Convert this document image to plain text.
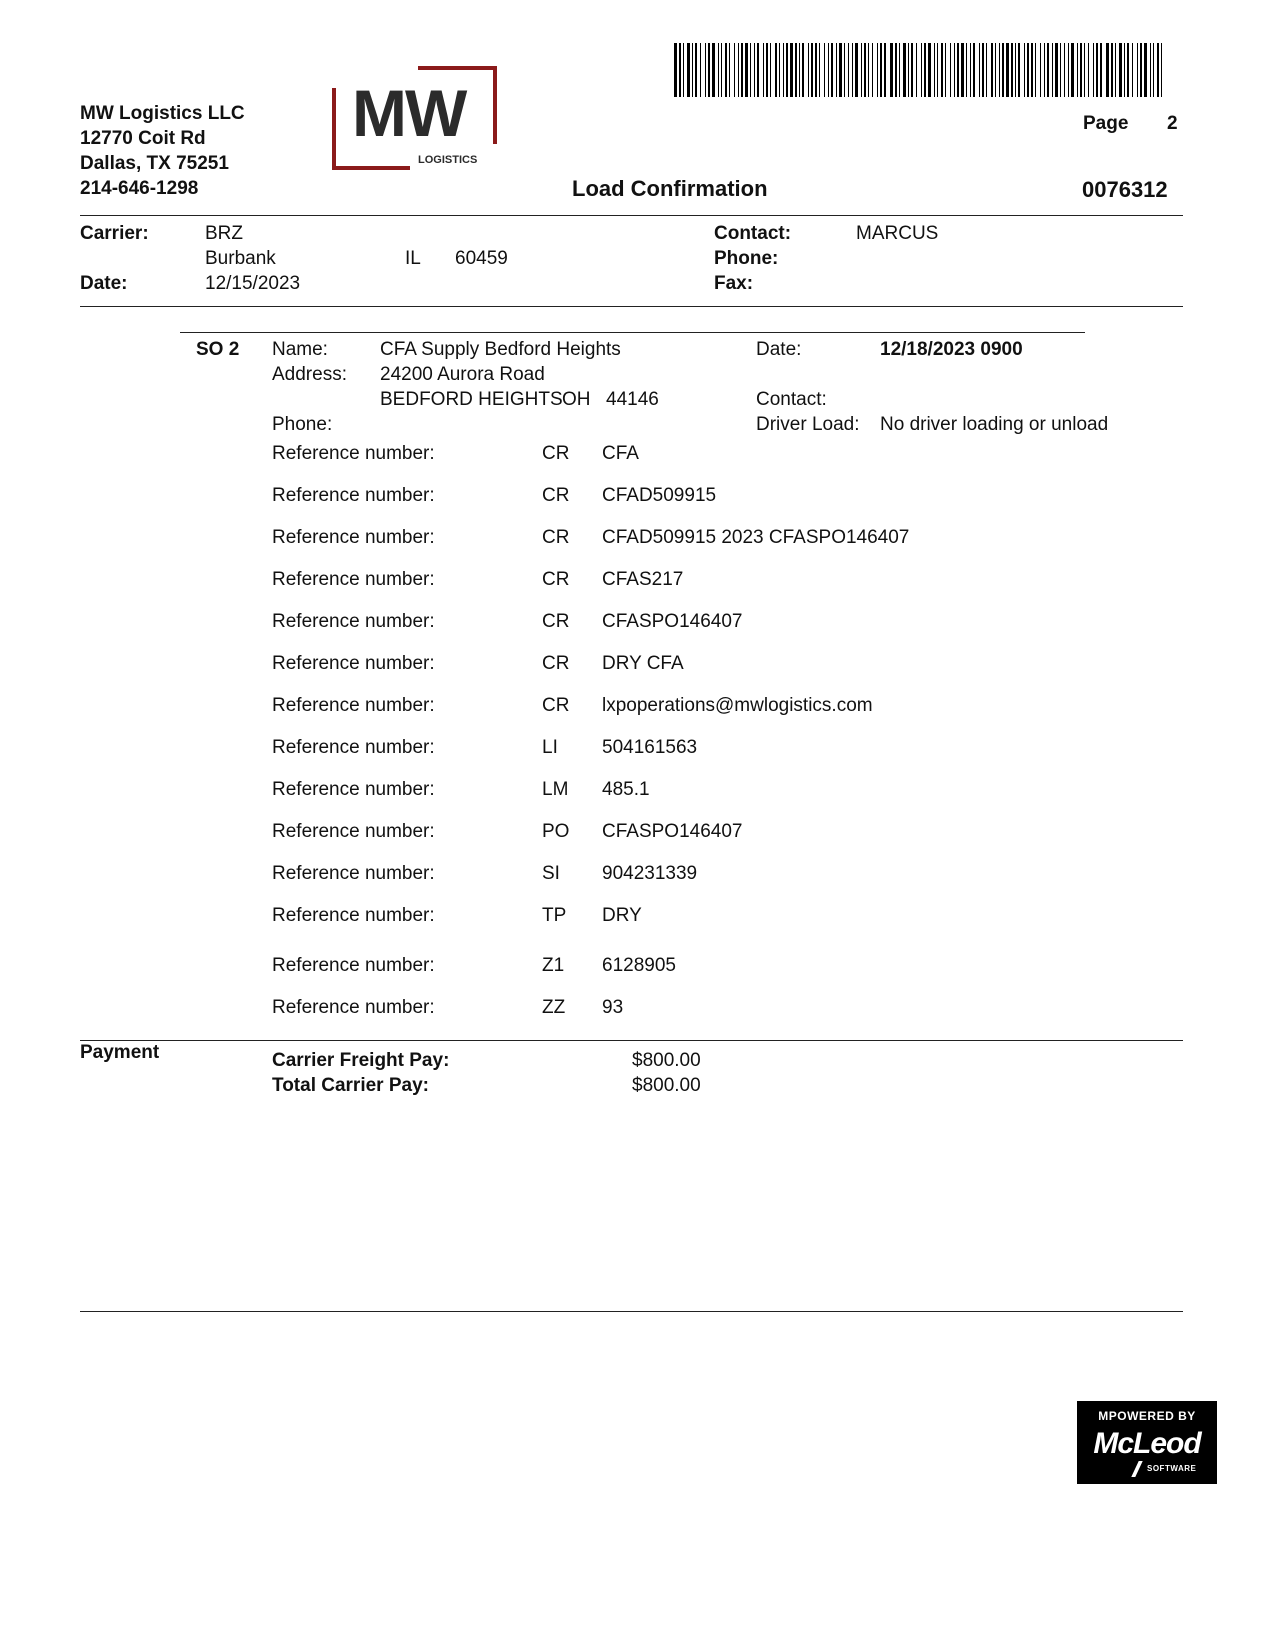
MW Logistics LLC
12770 Coit Rd
Dallas, TX 75251
214-646-1298
MW
LOGISTICS
Page 2
Load Confirmation	0076312
Carrier:	BRZ
Burbank	IL 60459
Date:	12/15/2023
Contact:	MARCUS
Phone:
Fax:
SO 2 Name:	CFA Supply Bedford Heights
Address: 24200 Aurora Road
BEDFORD HEIGHTS OH 44146
Phone:
Date:	12/18/2023 0900
Contact:
Driver Load: No driver loading or unload
Reference number:	CR CFA
Reference number:	CR CFAD509915
Reference number:	CR CFAD509915 2023 CFASPO146407
Reference number:	CR CFAS217
Reference number:	CR CFASPO146407
Reference number:	CR DRY CFA
Reference number:	CR lxpoperations@mwlogistics.com
Reference number:	LI 504161563
Reference number:	LM 485.1
Reference number:	PO CFASPO146407
Reference number:	SI 904231339
Reference number:	TP DRY
Reference number:	Z1 6128905
Reference number:	ZZ 93
Payment	Carrier Freight Pay:	$800.00
Total Carrier Pay:	$800.00
MPOWERED BY
McLeod
SOFTWARE
